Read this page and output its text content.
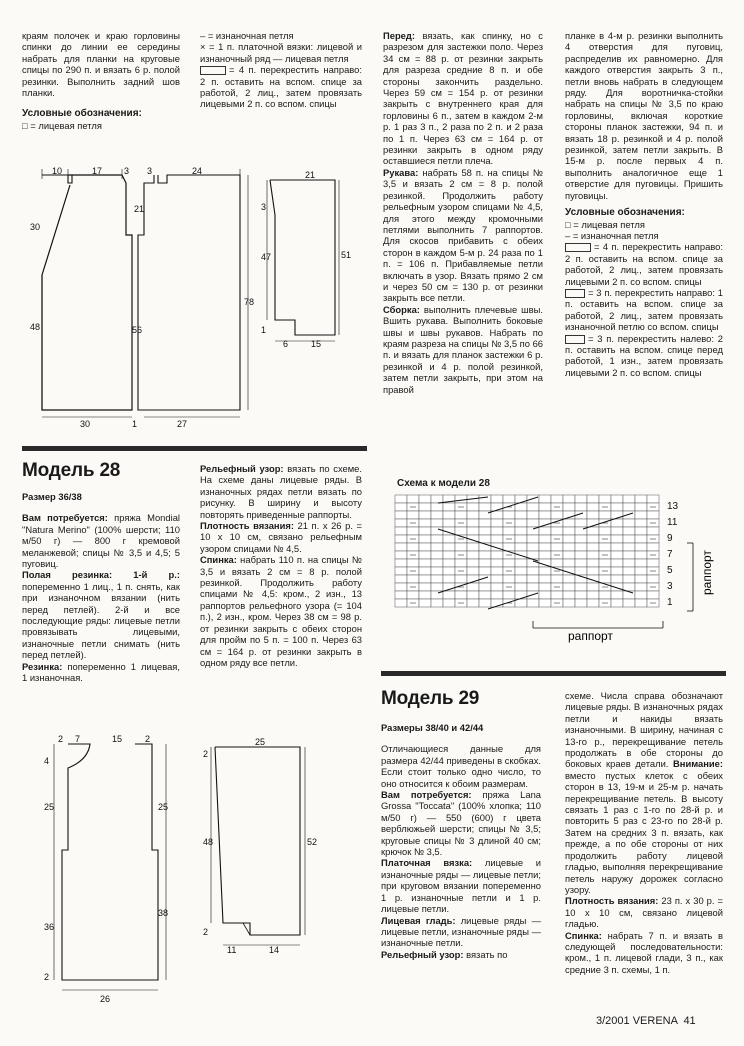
краям полочек и краю горловины спинки до линии ее середины набрать для планки на круговые спицы по 290 п. и вязать 6 р. полой резинки. Выполнить задний шов планки.

Условные обозначения:

□ = лицевая петля

– = изнаночная петля

× = 1 п. платочной вязки: лицевой и изнаночный ряд — лицевая петля

= 4 п. перекрестить направо: 2 п. оставить на вспом. спице за работой, 2 лиц., затем провязать лицевыми 2 п. со вспом. спицы

10	17 3 3	24
30
48
21
56
78
30	1	27
21
3
47	51
1
6	15

Перед: вязать, как спинку, но с разрезом для застежки поло. Через 34 см = 88 р. от резинки закрыть для разреза средние 8 п. и обе стороны закончить раздельно. Через 59 см = 154 р. от резинки закрыть с внутреннего края для горловины 6 п., затем в каждом 2-м р. 1 раз 3 п., 2 раза по 2 п. и 2 раза по 1 п. Через 63 см = 164 р. от резинки закрыть в одном ряду оставшиеся петли плеча.

Рукава: набрать 58 п. на спицы № 3,5 и вязать 2 см = 8 р. полой резинкой. Продолжить работу рельефным узором спицами № 4,5, для этого между кромочными петлями выполнить 7 раппортов. Для скосов прибавить с обеих сторон в каждом 5-м р. 24 раза по 1 п. = 106 п. Прибавляемые петли включать в узор. Вязать прямо 2 см и через 50 см = 130 р. от резинки закрыть все петли.

Сборка: выполнить плечевые швы. Вшить рукава. Выполнить боковые швы и швы рукавов. Набрать по краям разреза на спицы № 3,5 по 66 п. и вязать для планок застежки 6 р. резинкой и 4 р. полой резинкой, затем петли закрыть, при этом на правой

планке в 4-м р. резинки выполнить 4 отверстия для пуговиц, распределив их равномерно. Для каждого отверстия закрыть 3 п., петли вновь набрать в следующем ряду. Для воротничка-стойки набрать на спицы № 3,5 по краю горловины, включая короткие стороны планок застежки, 94 п. и вязать 18 р. резинкой и 4 р. полой резинкой, затем петли закрыть. В 15-м р. после первых 4 п. выполнить аналогичное еще 1 отверстие для пуговицы. Пришить пуговицы.

Условные обозначения:

□ = лицевая петля

– = изнаночная петля

= 4 п. перекрестить направо: 2 п. оставить на вспом. спице за работой, 2 лиц., затем провязать лицевыми 2 п. со вспом. спицы

= 3 п. перекрестить направо: 1 п. оставить на вспом. спице за работой, 2 лиц., затем провязать изнаночной петлю со вспом. спицы

= 3 п. перекрестить налево: 2 п. оставить на вспом. спице перед работой, 1 изн., затем провязать лицевыми 2 п. со вспом. спицы

Модель 28

Размер 36/38

Вам потребуется: пряжа Mondial "Natura Merino" (100% шерсти; 110 м/50 г) — 800 г кремовой меланжевой; спицы № 3,5 и 4,5; 5 пуговиц.

Полая резинка: 1-й р.: попеременно 1 лиц., 1 п. снять, как при изнаночном вязании (нить перед петлей). 2-й и все последующие ряды: лицевые петли провязывать лицевыми, изнаночные петли снимать (нить перед петлей).

Резинка: попеременно 1 лицевая, 1 изнаночная.

Рельефный узор: вязать по схеме. На схеме даны лицевые ряды. В изнаночных рядах петли вязать по рисунку. В ширину и высоту повторять приведенные раппорты.

Плотность вязания: 21 п. х 26 р. = 10 х 10 см, связано рельефным узором спицами № 4,5.

Спинка: набрать 110 п. на спицы № 3,5 и вязать 2 см = 8 р. полой резинкой. Продолжить работу спицами № 4,5: кром., 2 изн., 13 раппортов рельефного узора (= 104 п.), 2 изн., кром. Через 38 см = 98 р. от резинки закрыть с обеих сторон для пройм по 5 п. = 100 п. Через 63 см = 164 р. от резинки закрыть в одном ряду все петли.

Схема к модели 28
13
11
9
7
5
3
1
раппорт
раппорт
Модель 29

Размеры 38/40 и 42/44

Отличающиеся данные для размера 42/44 приведены в скобках. Если стоит только одно число, то оно относится к обоим размерам.

Вам потребуется: пряжа Lana Grossa "Toccata" (100% хлопка; 110 м/50 г) — 550 (600) г цвета верблюжьей шерсти; спицы № 3,5; круговые спицы № 3 длиной 40 см; крючок № 3,5.

Платочная вязка: лицевые и изнаночные ряды — лицевые петли; при круговом вязании попеременно 1 р. изнаночные петли и 1 р. лицевые петли.

Лицевая гладь: лицевые ряды — лицевые петли, изнаночные ряды — изнаночные петли.

Рельефный узор: вязать по

схеме. Числа справа обозначают лицевые ряды. В изнаночных рядах петли и накиды вязать изнаночными. В ширину, начиная с 13-го р., перекрещивание петель продолжать в обе стороны до боковых краев детали. Внимание: вместо пустых клеток с обеих сторон в 13, 19-м и 25-м р. начать перекрещивание петель. В высоту связать 1 раз с 1-го по 28-й р. и повторить 5 раз с 23-го по 28-й р. Затем на средних 3 п. вязать, как прежде, а по обе стороны от них продолжить работу лицевой гладью, выполняя перекрещивание петель наружу дорожек согласно узору.

Плотность вязания: 23 п. х 30 р. = 10 х 10 см, связано лицевой гладью.

Спинка: набрать 7 п. и вязать в следующей последовательности: кром., 1 п. лицевой глади, 3 п., как средние 3 п. схемы, 1 п.

2 7	15	2
4
25	25
36
38
2
26
25
2
48	52
2
11	14
3/2001 VERENA  41
